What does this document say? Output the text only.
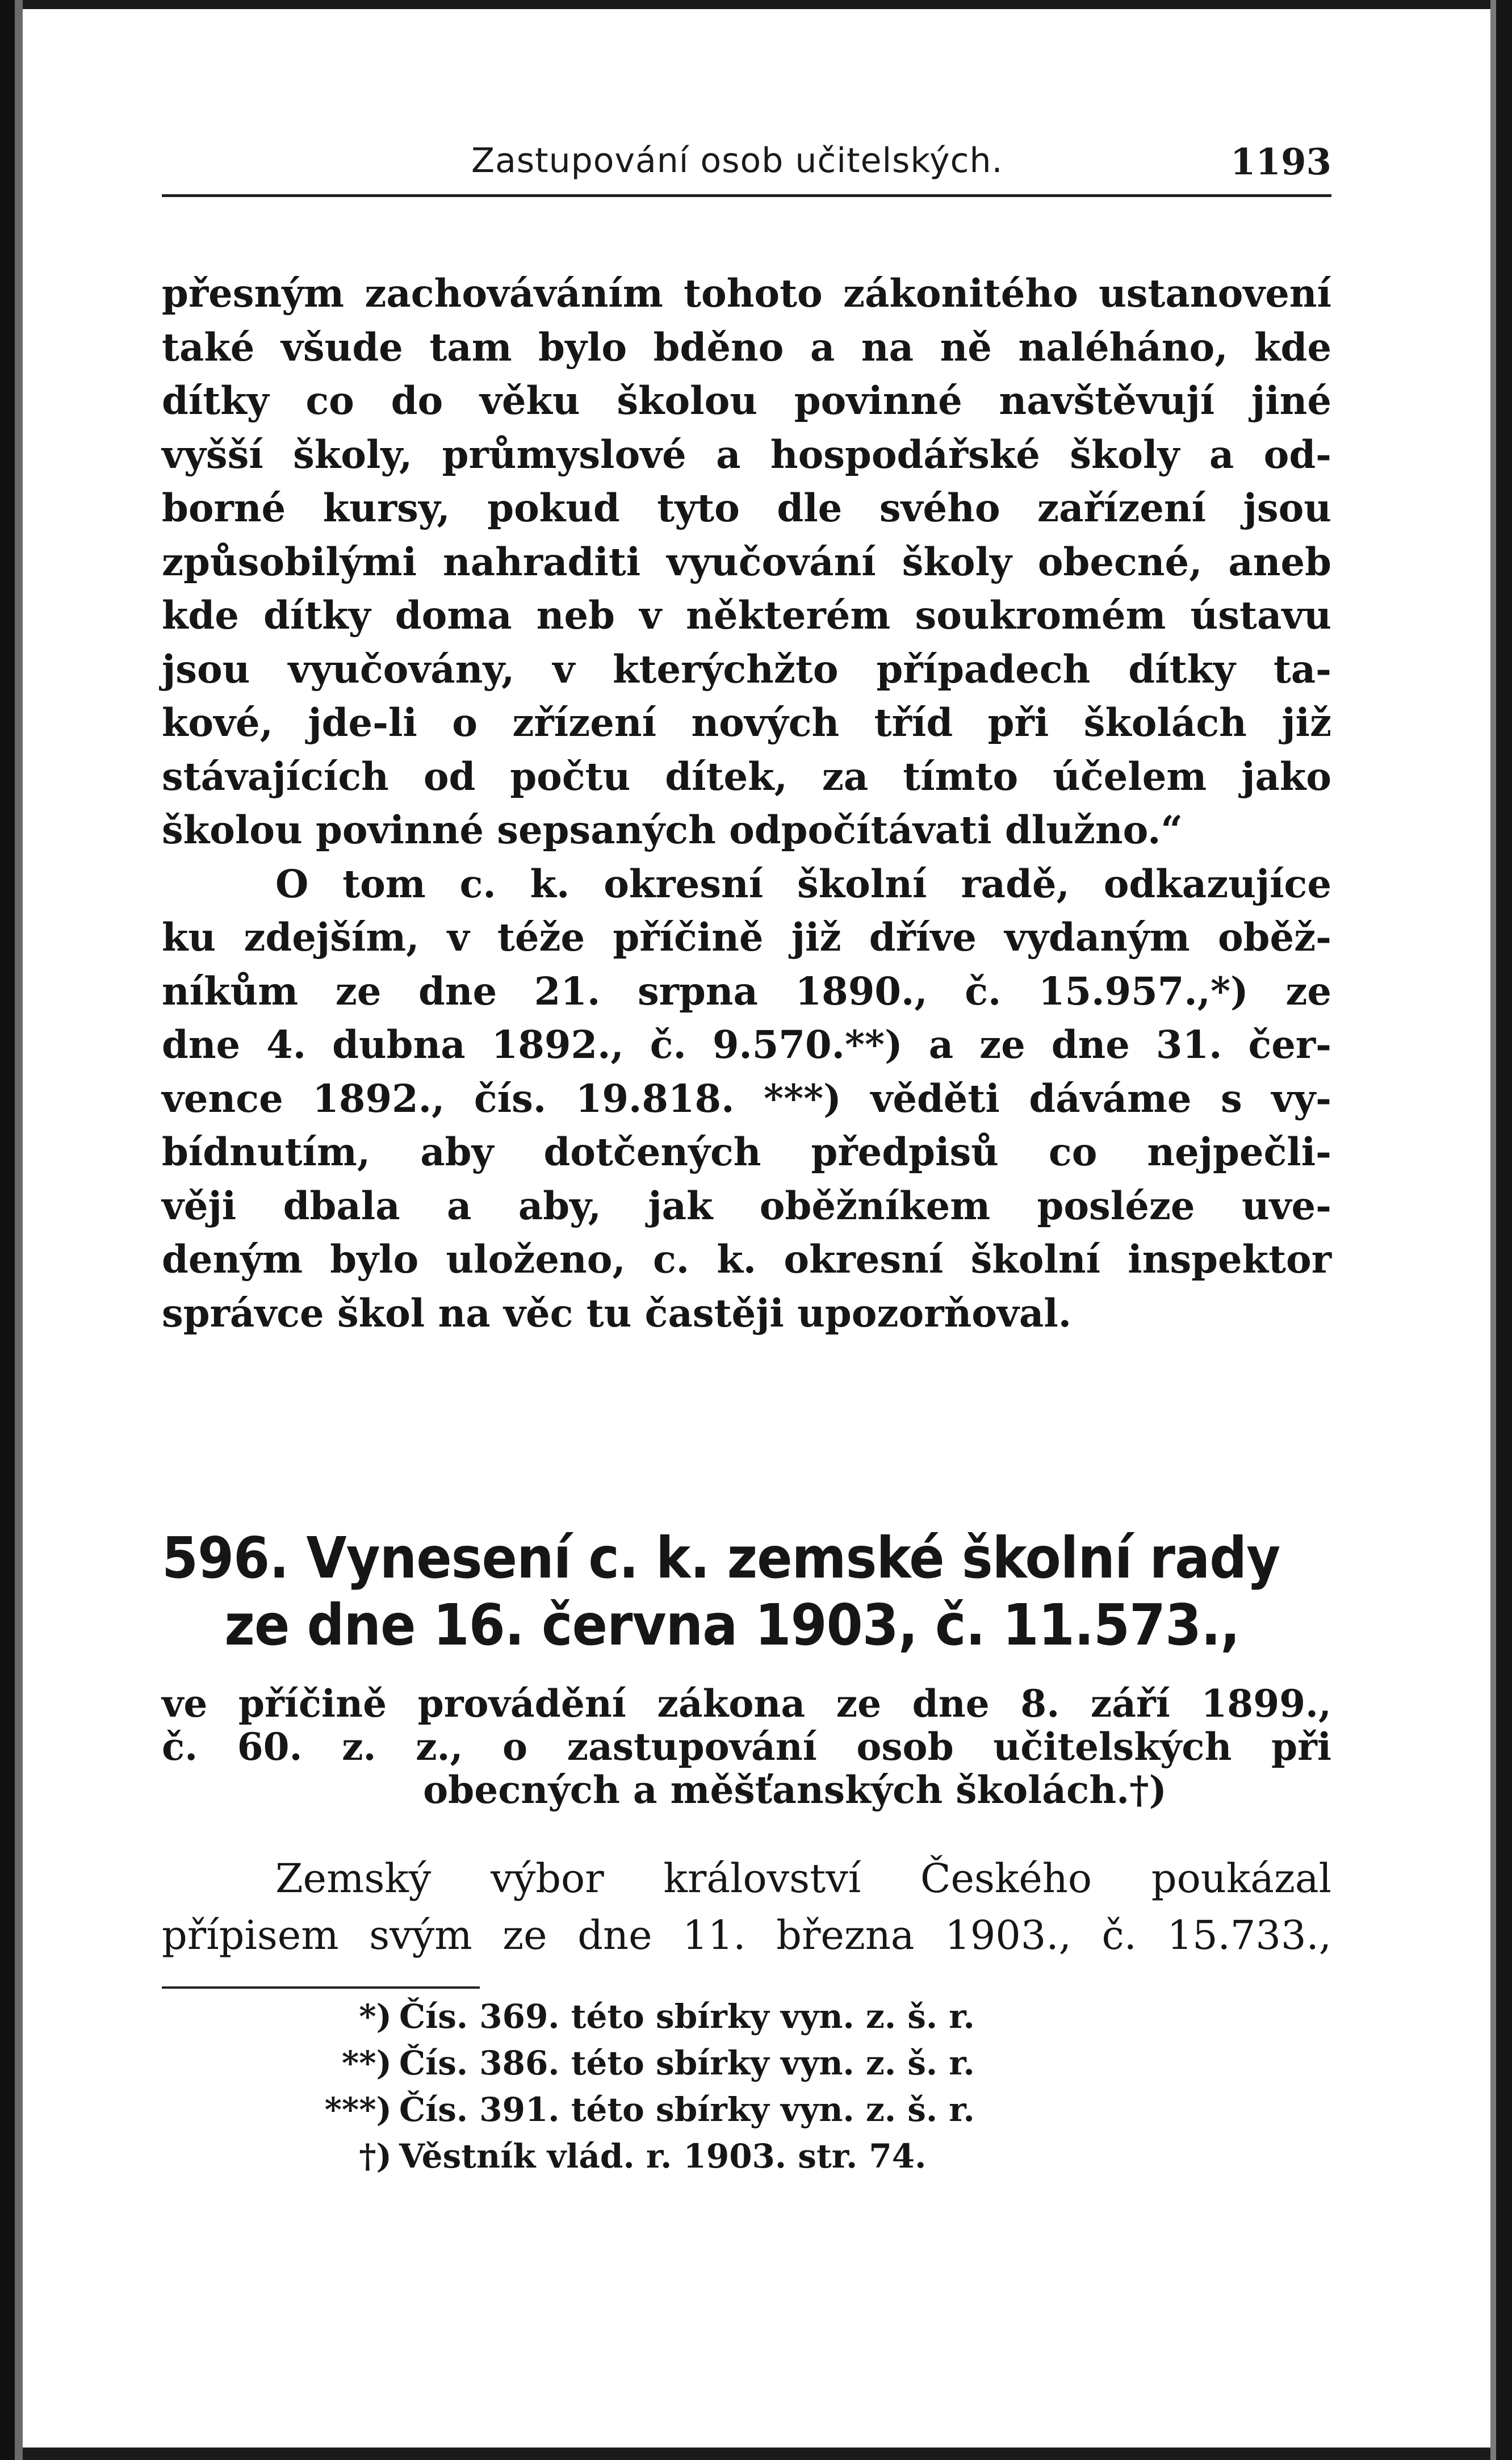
Zastupování osob učitelských.	1193
přesným zachováváním tohoto zákonitého ustanovení
také všude tam bylo bděno a na ně naléháno, kde
dítky co do věku školou povinné navštěvují jiné
vyšší školy, průmyslové a hospodářské školy a od-
borné kursy, pokud tyto dle svého zařízení jsou
způsobilými nahraditi vyučování školy obecné, aneb
kde dítky doma neb v některém soukromém ústavu
jsou vyučovány, v kterýchžto případech dítky ta-
kové, jde-li o zřízení nových tříd při školách již
stávajících od počtu dítek, za tímto účelem jako
školou povinné sepsaných odpočítávati dlužno.“
O tom c. k. okresní školní radě, odkazujíce
ku zdejším, v téže příčině již dříve vydaným oběž-
níkům ze dne 21. srpna 1890., č. 15.957.,*) ze
dne 4. dubna 1892., č. 9.570.**) a ze dne 31. čer-
vence 1892., čís. 19.818. ***) věděti dáváme s vy-
bídnutím, aby dotčených předpisů co nejpečli-
věji dbala a aby, jak oběžníkem posléze uve-
deným bylo uloženo, c. k. okresní školní inspektor
správce škol na věc tu častěji upozorňoval.
596. Vynesení c. k. zemské školní rady
ze dne 16. června 1903, č. 11.573.,
ve příčině provádění zákona ze dne 8. září 1899.,
č. 60. z. z., o zastupování osob učitelských při
obecných a měšťanských školách.†)
Zemský výbor království Českého poukázal
přípisem svým ze dne 11. března 1903., č. 15.733.,
*) Čís. 369. této sbírky vyn. z. š. r.
**) Čís. 386. této sbírky vyn. z. š. r.
***) Čís. 391. této sbírky vyn. z. š. r.
†) Věstník vlád. r. 1903. str. 74.
